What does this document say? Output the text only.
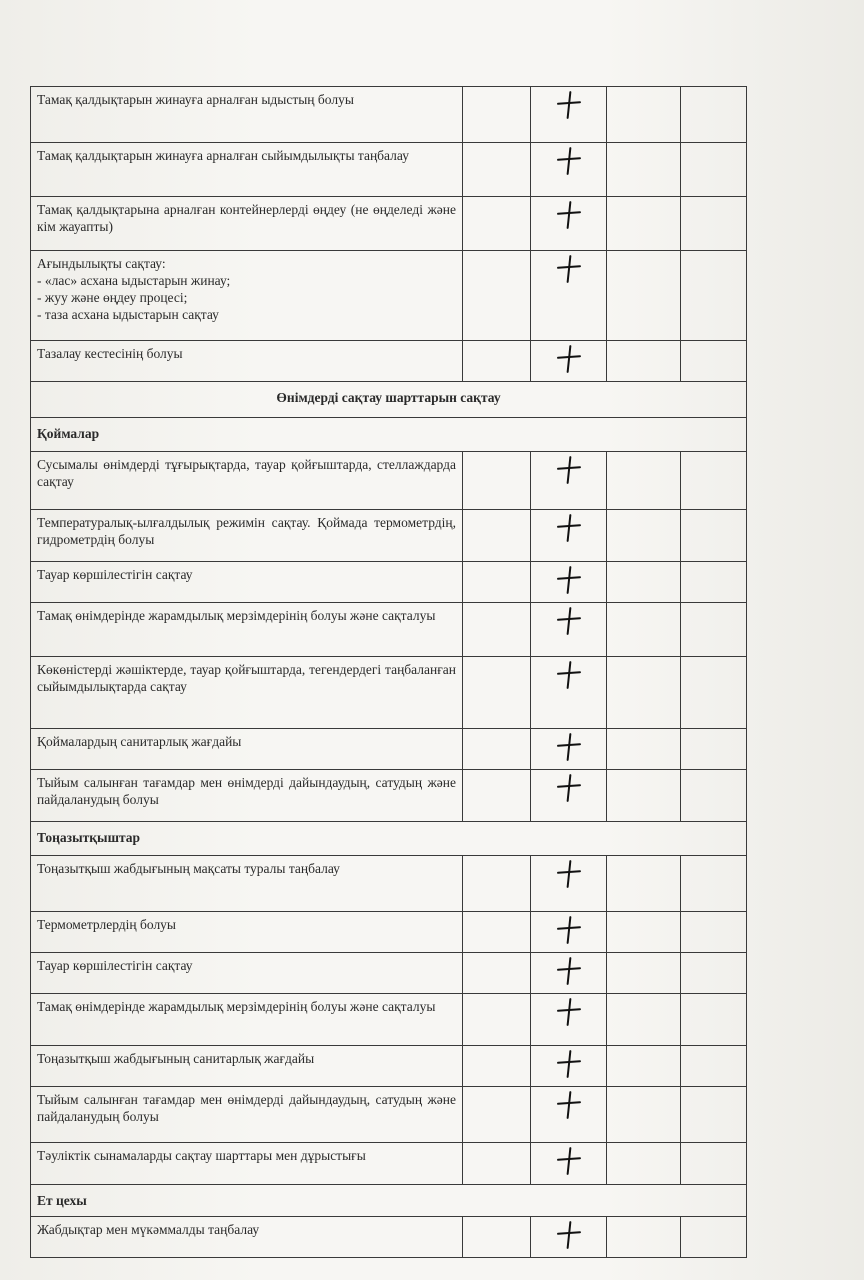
Тамақ қалдықтарын жинауға арналған ыдыстың болуы				
Тамақ қалдықтарын жинауға арналған сыйымдылықты таңбалау				
Тамақ қалдықтарына арналған контейнерлерді өңдеу (не өңделеді және кім жауапты)				

Ағындылықты сақтау:
- «лас» асхана ыдыстарын жинау;
- жуу және өңдеу процесі;
- таза асхана ыдыстарын сақтау				

Тазалау кестесінің болуы				
Өнімдерді сақтау шарттарын сақтау				
Қоймалар				
Сусымалы өнімдерді тұғырықтарда, тауар қойғыштарда, стеллаждарда сақтау				
Температуралық-ылғалдылық режимін сақтау. Қоймада термометрдің, гидрометрдің болуы				
Тауар көршілестігін сақтау				
Тамақ өнімдерінде жарамдылық мерзімдерінің болуы және сақталуы				
Көкөністерді жәшіктерде, тауар қойғыштарда, тегендердегі таңбаланған сыйымдылықтарда сақтау				
Қоймалардың санитарлық жағдайы				
Тыйым салынған тағамдар мен өнімдерді дайындаудың, сатудың және пайдаланудың болуы				
Тоңазытқыштар				
Тоңазытқыш жабдығының мақсаты туралы таңбалау				
Термометрлердің болуы				
Тауар көршілестігін сақтау				
Тамақ өнімдерінде жарамдылық мерзімдерінің болуы және сақталуы				
Тоңазытқыш жабдығының санитарлық жағдайы				
Тыйым салынған тағамдар мен өнімдерді дайындаудың, сатудың және пайдаланудың болуы				
Тәуліктік сынамаларды сақтау шарттары мен дұрыстығы				
Ет цехы				
Жабдықтар мен мүкәммалды таңбалау				
